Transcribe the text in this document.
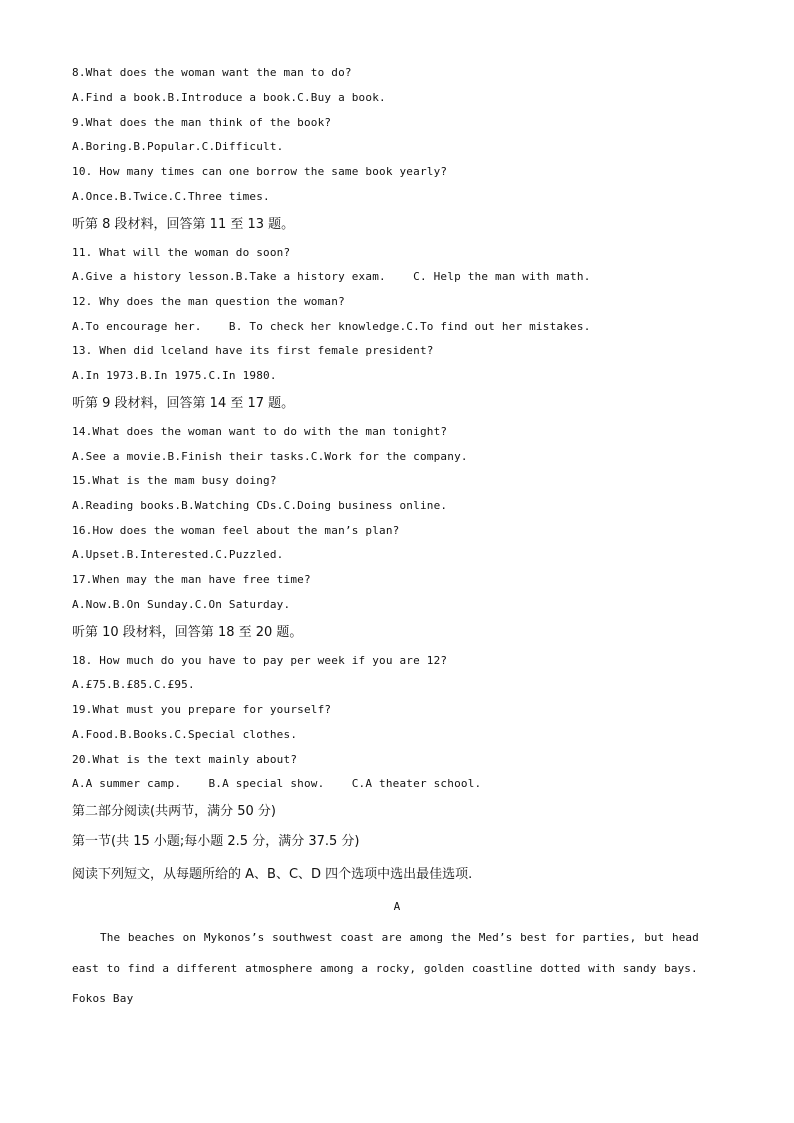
8.What does the woman want the man to do?
A.Find a book.B.Introduce a book.C.Buy a book.
9.What does the man think of the book?
A.Boring.B.Popular.C.Difficult.
10. How many times can one borrow the same book yearly?
A.Once.B.Twice.C.Three times.
听第 8 段材料，回答第 11 至 13 题。
11. What will the woman do soon?
A.Give a history lesson.B.Take a history exam.    C. Help the man with math.
12. Why does the man question the woman?
A.To encourage her.    B. To check her knowledge.C.To find out her mistakes.
13. When did lceland have its first female president?
A.In 1973.B.In 1975.C.In 1980.
听第 9 段材料，回答第 14 至 17 题。
14.What does the woman want to do with the man tonight?
A.See a movie.B.Finish their tasks.C.Work for the company.
15.What is the mam busy doing?
A.Reading books.B.Watching CDs.C.Doing business online.
16.How does the woman feel about the man’s plan?
A.Upset.B.Interested.C.Puzzled.
17.When may the man have free time?
A.Now.B.On Sunday.C.On Saturday.
听第 10 段材料，回答第 18 至 20 题。
18. How much do you have to pay per week if you are 12?
A.£75.B.£85.C.£95.
19.What must you prepare for yourself?
A.Food.B.Books.C.Special clothes.
20.What is the text mainly about?
A.A summer camp.    B.A special show.    C.A theater school.
第二部分阅读(共两节，满分 50 分)
第一节(共 15 小题;每小题 2.5 分，满分 37.5 分)
阅读下列短文，从每题所给的 A、B、C、D 四个选项中选出最佳选项.
A
The beaches on Mykonos’s southwest coast are among the Med’s best for parties, but head east to find a different atmosphere among a rocky, golden coastline dotted with sandy bays.
Fokos Bay
